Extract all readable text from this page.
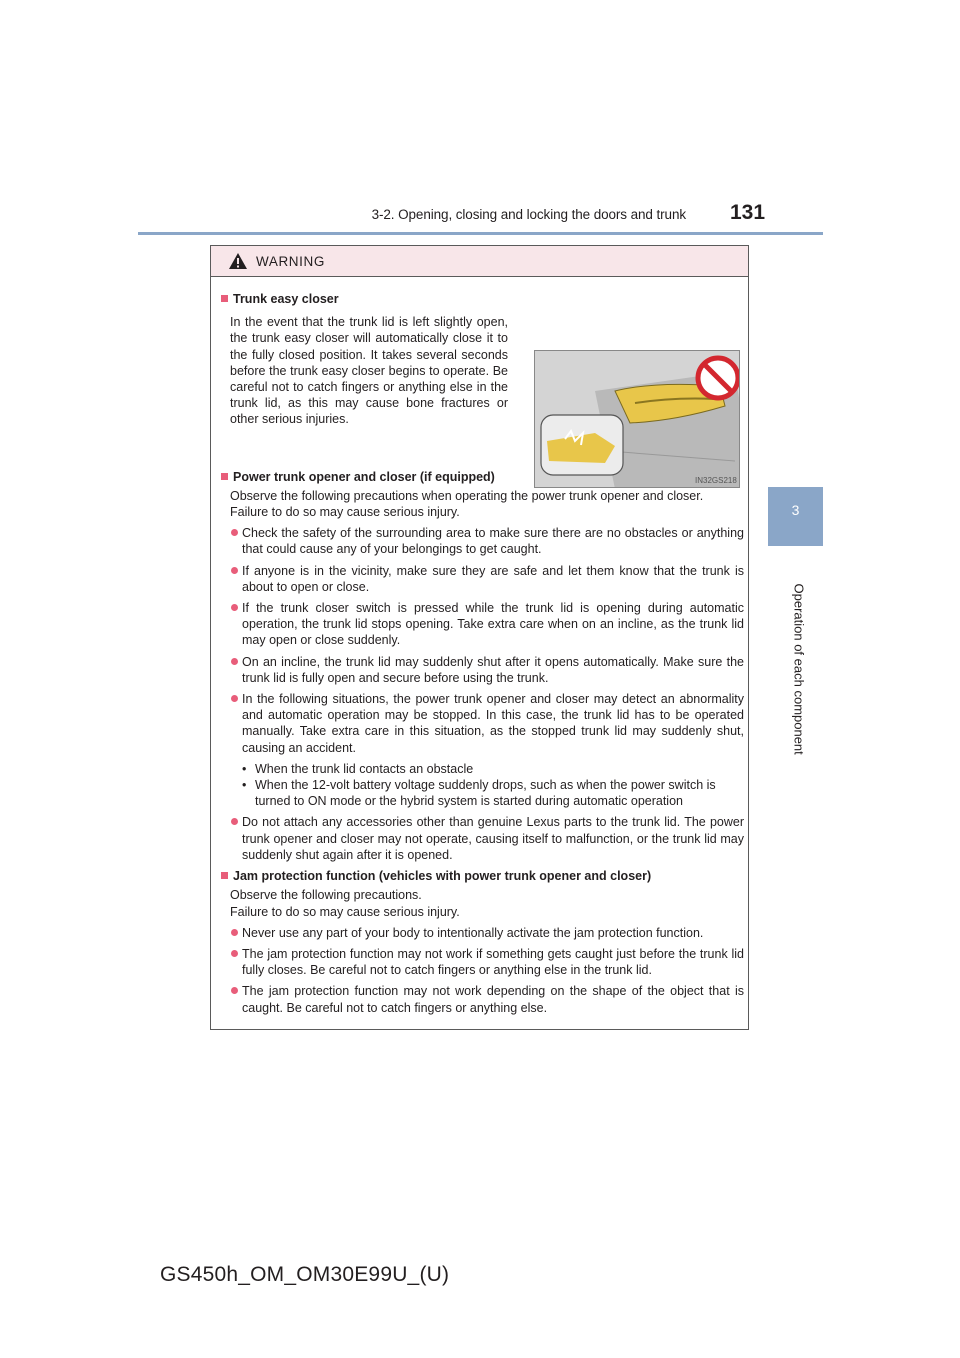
3-2. Opening, closing and locking the doors and trunk 131
3
Operation of each component
WARNING
Trunk easy closer
In the event that the trunk lid is left slightly open, the trunk easy closer will automatically close it to the fully closed position. It takes several seconds before the trunk easy closer begins to operate. Be careful not to catch fingers or anything else in the trunk lid, as this may cause bone fractures or other serious injuries.
IN32GS218
Power trunk opener and closer (if equipped)
Observe the following precautions when operating the power trunk opener and closer. Failure to do so may cause serious injury.
Check the safety of the surrounding area to make sure there are no obstacles or anything that could cause any of your belongings to get caught.
If anyone is in the vicinity, make sure they are safe and let them know that the trunk is about to open or close.
If the trunk closer switch is pressed while the trunk lid is opening during automatic operation, the trunk lid stops opening. Take extra care when on an incline, as the trunk lid may open or close suddenly.
On an incline, the trunk lid may suddenly shut after it opens automatically. Make sure the trunk lid is fully open and secure before using the trunk.
In the following situations, the power trunk opener and closer may detect an abnormality and automatic operation may be stopped. In this case, the trunk lid has to be operated manually. Take extra care in this situation, as the stopped trunk lid may suddenly shut, causing an accident.
• When the trunk lid contacts an obstacle
• When the 12-volt battery voltage suddenly drops, such as when the power switch is turned to ON mode or the hybrid system is started during automatic operation
Do not attach any accessories other than genuine Lexus parts to the trunk lid. The power trunk opener and closer may not operate, causing itself to malfunction, or the trunk lid may suddenly shut again after it is opened.
Jam protection function (vehicles with power trunk opener and closer)
Observe the following precautions.
Failure to do so may cause serious injury.
Never use any part of your body to intentionally activate the jam protection function.
The jam protection function may not work if something gets caught just before the trunk lid fully closes. Be careful not to catch fingers or anything else in the trunk lid.
The jam protection function may not work depending on the shape of the object that is caught. Be careful not to catch fingers or anything else.
GS450h_OM_OM30E99U_(U)
